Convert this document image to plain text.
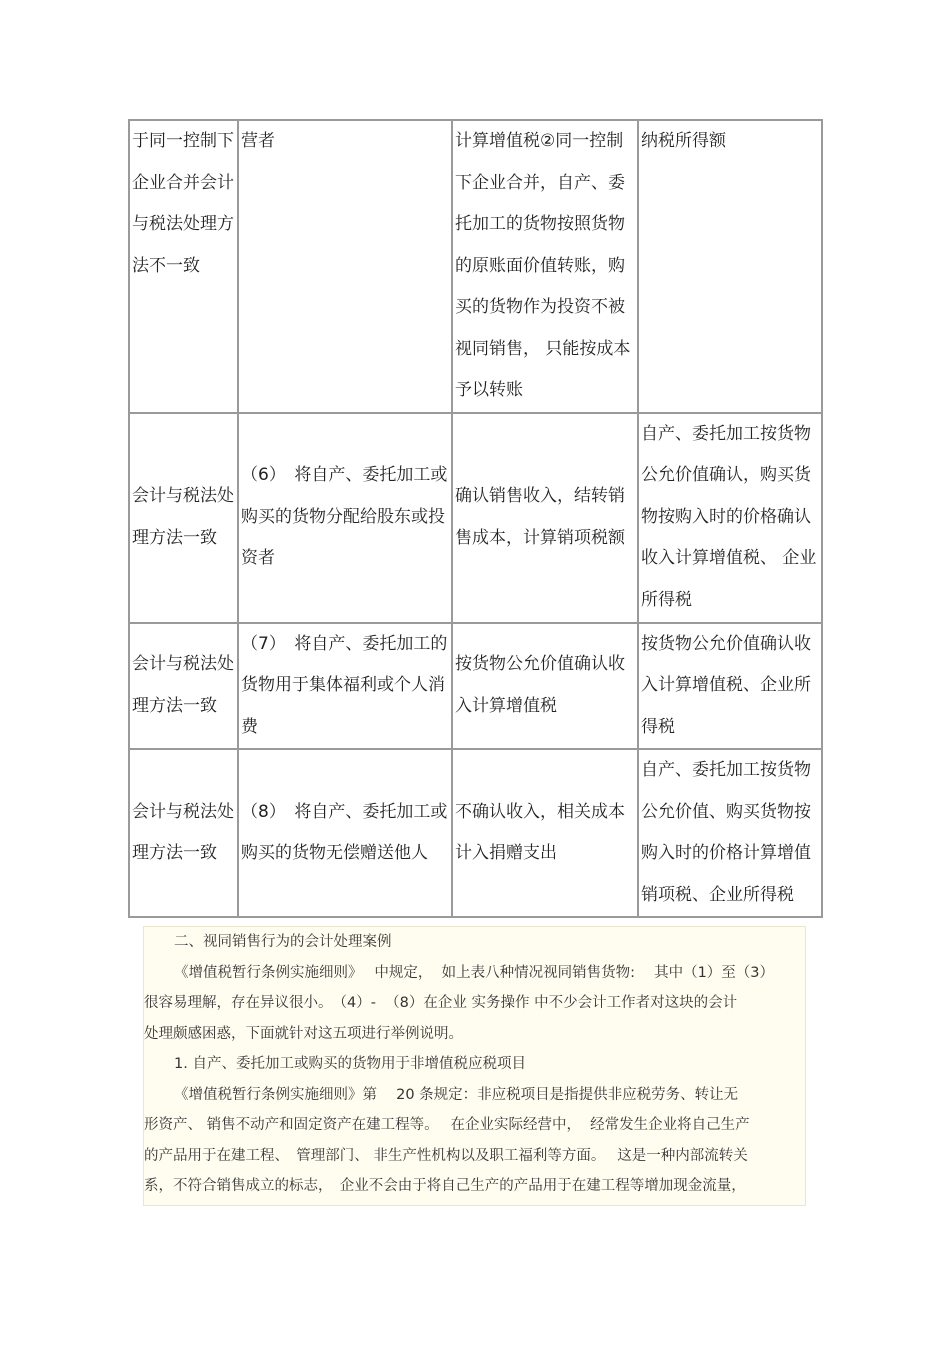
于同一控制下企业合并会计与税法处理方法不一致	营者	计算增值税②同一控制下企业合并，自产、委托加工的货物按照货物的原账面价值转账，购买的货物作为投资不被视同销售， 只能按成本予以转账	纳税所得额
会计与税法处理方法一致	（6）　将自产、委托加工或购买的货物分配给股东或投资者	确认销售收入，结转销售成本，计算销项税额	自产、委托加工按货物公允价值确认，购买货物按购入时的价格确认收入计算增值税、 企业所得税
会计与税法处理方法一致	（7）　将自产、委托加工的货物用于集体福利或个人消费	按货物公允价值确认收入计算增值税	按货物公允价值确认收入计算增值税、企业所得税
会计与税法处理方法一致	（8）　将自产、委托加工或购买的货物无偿赠送他人	不确认收入，相关成本计入捐赠支出	自产、委托加工按货物公允价值、购买货物按购入时的价格计算增值销项税、企业所得税

二、视同销售行为的会计处理案例

《增值税暂行条例实施细则》　 中规定，  如上表八种情况视同销售货物:　 其中（1）至（3）

很容易理解，存在异议很小。　（4）-  （8）在企业 实务操作 中不少会计工作者对这块的会计

处理颇感困惑，下面就针对这五项进行举例说明。

1. 自产、委托加工或购买的货物用于非增值税应税项目

《增值税暂行条例实施细则》第　 20 条规定：非应税项目是指提供非应税劳务、转让无

形资产、 销售不动产和固定资产在建工程等。　 在企业实际经营中，  经常发生企业将自己生产

的产品用于在建工程、　管理部门、 非生产性机构以及职工福利等方面。　 这是一种内部流转关

系，不符合销售成立的标志，　企业不会由于将自己生产的产品用于在建工程等增加现金流量，
